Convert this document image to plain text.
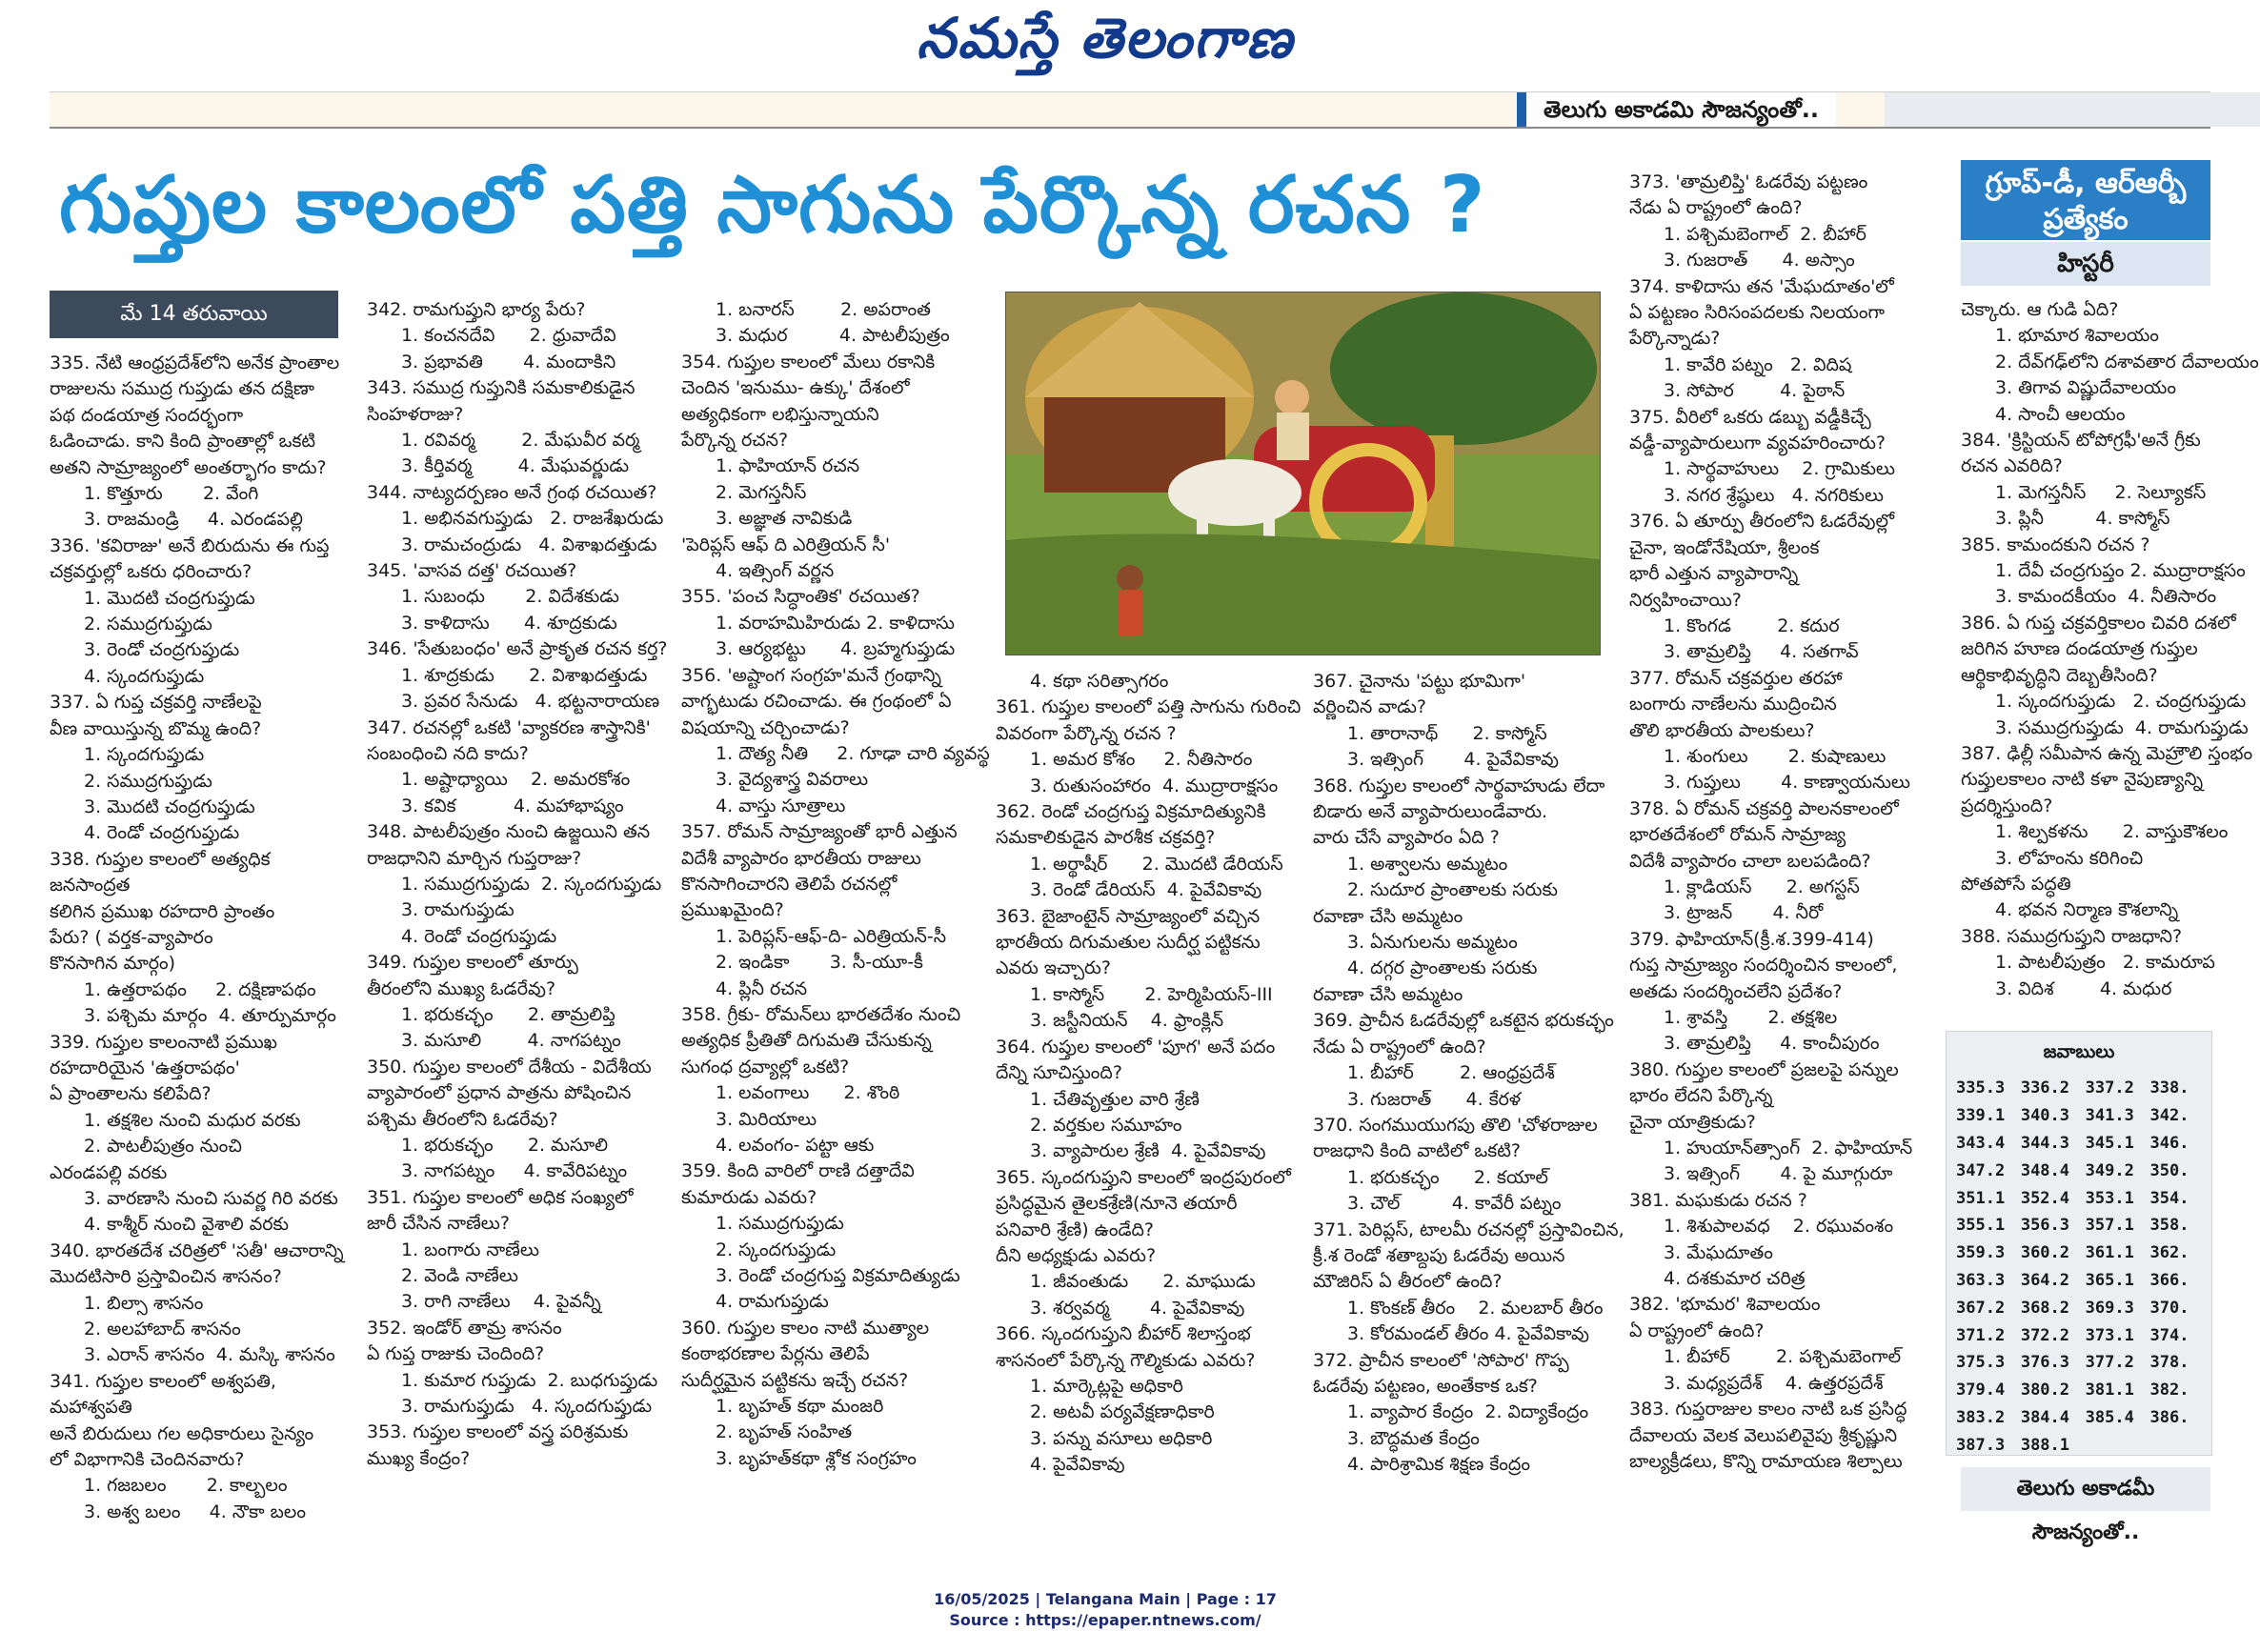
నమస్తే తెలంగాణ
తెలుగు అకాడమి సౌజన్యంతో..
గుప్తుల కాలంలో పత్తి సాగును పేర్కొన్న రచన ?
మే 14 తరువాయి
335. నేటి ఆంధ్రప్రదేశ్‌లోని అనేక ప్రాంతాల
రాజులను సముద్ర గుప్తుడు తన దక్షిణా
పథ దండయాత్ర సందర్భంగా
ఓడించాడు. కాని కింది ప్రాంతాల్లో ఒకటి
అతని సామ్రాజ్యంలో అంతర్భాగం కాదు?
1. కొత్తూరు       2. వేంగి
3. రాజమండ్రి     4. ఎరండపల్లి
336. 'కవిరాజు' అనే బిరుదును ఈ గుప్త
చక్రవర్తుల్లో ఒకరు ధరించారు?
1. మొదటి చంద్రగుప్తుడు
2. సముద్రగుప్తుడు
3. రెండో చంద్రగుప్తుడు
4. స్కందగుప్తుడు
337. ఏ గుప్త చక్రవర్తి నాణేలపై
వీణ వాయిస్తున్న బొమ్మ ఉంది?
1. స్కందగుప్తుడు
2. సముద్రగుప్తుడు
3. మొదటి చంద్రగుప్తుడు
4. రెండో చంద్రగుప్తుడు
338. గుప్తుల కాలంలో అత్యధిక జనసాంద్రత
కలిగిన ప్రముఖ రహదారి ప్రాంతం
పేరు? ( వర్తక-వ్యాపారం
కొనసాగిన మార్గం)
1. ఉత్తరాపథం     2. దక్షిణాపథం
3. పశ్చిమ మార్గం  4. తూర్పుమార్గం
339. గుప్తుల కాలంనాటి ప్రముఖ
రహదారియైన 'ఉత్తరాపథం'
ఏ ప్రాంతాలను కలిపేది?
1. తక్షశిల నుంచి మధుర వరకు
2. పాటలీపుత్రం నుంచి
ఎరండపల్లి వరకు
3. వారణాసి నుంచి సువర్ణ గిరి వరకు
4. కాశ్మీర్ నుంచి వైశాలి వరకు
340. భారతదేశ చరిత్రలో 'సతీ' ఆచారాన్ని
మొదటిసారి ప్రస్తావించిన శాసనం?
1. బిల్సా శాసనం
2. అలహాబాద్ శాసనం
3. ఎరాన్ శాసనం  4. మస్కి శాసనం
341. గుప్తుల కాలంలో అశ్వపతి, మహాశ్వపతి
అనే బిరుదులు గల అధికారులు సైన్యం
లో విభాగానికి చెందినవారు?
1. గజబలం       2. కాల్బలం
3. అశ్వ బలం     4. నౌకా బలం
342. రామగుప్తుని భార్య పేరు?
1. కంచనదేవి      2. ధ్రువాదేవి
3. ప్రభావతి       4. మందాకిని
343. సముద్ర గుప్తునికి సమకాలికుడైన
సింహళరాజు?
1. రవివర్మ        2. మేఘవీర వర్మ
3. కీర్తివర్మ        4. మేఘవర్ణుడు
344. నాట్యదర్పణం అనే గ్రంథ రచయిత?
1. అభినవగుప్తుడు   2. రాజశేఖరుడు
3. రామచంద్రుడు   4. విశాఖదత్తుడు
345. 'వాసవ దత్త' రచయిత?
1. సుబంధు       2. విదేశకుడు
3. కాళిదాసు      4. శూద్రకుడు
346. 'సేతుబంధం' అనే ప్రాకృత రచన కర్త?
1. శూద్రకుడు      2. విశాఖదత్తుడు
3. ప్రవర సేనుడు   4. భట్టనారాయణ
347. రచనల్లో ఒకటి 'వ్యాకరణ శాస్త్రానికి'
సంబంధించి నది కాదు?
1. అష్టాధ్యాయి    2. అమరకోశం
3. కవిక          4. మహాభాష్యం
348. పాటలీపుత్రం నుంచి ఉజ్జయిని తన
రాజధానిని మార్చిన గుప్తరాజు?
1. సముద్రగుప్తుడు  2. స్కందగుప్తుడు
3. రామగుప్తుడు
4. రెండో చంద్రగుప్తుడు
349. గుప్తుల కాలంలో తూర్పు
తీరంలోని ముఖ్య ఓడరేవు?
1. భరుకచ్ఛం      2. తామ్రలిప్తి
3. మసూలి        4. నాగపట్నం
350. గుప్తుల కాలంలో దేశీయ - విదేశీయ
వ్యాపారంలో ప్రధాన పాత్రను పోషించిన
పశ్చిమ తీరంలోని ఓడరేవు?
1. భరుకచ్ఛం      2. మసూలి
3. నాగపట్నం     4. కావేరిపట్నం
351. గుప్తుల కాలంలో అధిక సంఖ్యలో
జారీ చేసిన నాణేలు?
1. బంగారు నాణేలు
2. వెండి నాణేలు
3. రాగి నాణేలు    4. పైవన్నీ
352. ఇండోర్ తామ్ర శాసనం
ఏ గుప్త రాజుకు చెందింది?
1. కుమార గుప్తుడు  2. బుధగుప్తుడు
3. రామగుప్తుడు   4. స్కందగుప్తుడు
353. గుప్తుల కాలంలో వస్త్ర పరిశ్రమకు
ముఖ్య కేంద్రం?
1. బనారస్        2. అపరాంత
3. మధుర         4. పాటలీపుత్రం
354. గుప్తుల కాలంలో మేలు రకానికి
చెందిన 'ఇనుము- ఉక్కు' దేశంలో
అత్యధికంగా లభిస్తున్నాయని
పేర్కొన్న రచన?
1. ఫాహియాన్ రచన
2. మెగస్తనీస్
3. అజ్ఞాత నావికుడి
'పెరిప్లస్ ఆఫ్ ది ఎరిత్రియన్ సీ'
4. ఇత్సింగ్ వర్ణన
355. 'పంచ సిద్ధాంతిక' రచయిత?
1. వరాహమిహిరుడు 2. కాళిదాసు
3. ఆర్యభట్టు      4. బ్రహ్మగుప్తుడు
356. 'అష్టాంగ సంగ్రహ'మనే గ్రంథాన్ని
వాగ్భటుడు రచించాడు. ఈ గ్రంథంలో ఏ
విషయాన్ని చర్చించాడు?
1. దౌత్య నీతి     2. గూఢా చారి వ్యవస్థ
3. వైద్యశాస్త్ర వివరాలు
4. వాస్తు సూత్రాలు
357. రోమన్ సామ్రాజ్యంతో భారీ ఎత్తున
విదేశీ వ్యాపారం భారతీయ రాజులు
కొనసాగించారని తెలిపే రచనల్లో
ప్రముఖమైంది?
1. పెరిప్లస్-ఆఫ్-ది- ఎరిత్రియన్-సీ
2. ఇండికా       3. సీ-యూ-కీ
4. ప్లినీ రచన
358. గ్రీకు- రోమన్‌లు భారతదేశం నుంచి
అత్యధిక ప్రీతితో దిగుమతి చేసుకున్న
సుగంధ ద్రవ్యాల్లో ఒకటి?
1. లవంగాలు      2. శొంఠి
3. మిరియాలు
4. లవంగం- పట్టా ఆకు
359. కింది వారిలో రాణి దత్తాదేవి
కుమారుడు ఎవరు?
1. సముద్రగుప్తుడు
2. స్కందగుప్తుడు
3. రెండో చంద్రగుప్త విక్రమాదిత్యుడు
4. రామగుప్తుడు
360. గుప్తుల కాలం నాటి ముత్యాల
కంఠాభరణాల పేర్లను తెలిపే
సుదీర్ఘమైన పట్టికను ఇచ్చే రచన?
1. బృహత్ కథా మంజరి
2. బృహత్ సంహిత
3. బృహత్‌కథా శ్లోక సంగ్రహం
4. కథా సరిత్సాగరం
361. గుప్తుల కాలంలో పత్తి సాగును గురించి
వివరంగా పేర్కొన్న రచన ?
1. అమర కోశం     2. నీతిసారం
3. రుతుసంహారం  4. ముద్రారాక్షసం
362. రెండో చంద్రగుప్త విక్రమాదిత్యునికి
సమకాలికుడైన పారశీక చక్రవర్తి?
1. అర్థాషీర్      2. మొదటి డేరియస్
3. రెండో డేరియస్  4. పైవేవికావు
363. బైజాంటైన్ సామ్రాజ్యంలో వచ్చిన
భారతీయ దిగుమతుల సుదీర్ఘ పట్టికను
ఎవరు ఇచ్చారు?
1. కాస్మోస్       2. హెర్మిపియస్-III
3. జస్టీనియన్    4. ఫ్రాంక్లిన్
364. గుప్తుల కాలంలో 'పూగ' అనే పదం
దేన్ని సూచిస్తుంది?
1. చేతివృత్తుల వారి శ్రేణి
2. వర్తకుల సమూహం
3. వ్యాపారుల శ్రేణి  4. పైవేవికావు
365. స్కందగుప్తుని కాలంలో ఇంద్రపురంలో
ప్రసిద్ధమైన తైలకశ్రేణి(నూనె తయారీ
పనివారి శ్రేణి) ఉండేది?
దీని అధ్యక్షుడు ఎవరు?
1. జీవంతుడు      2. మాఘుడు
3. శర్వవర్మ       4. పైవేవికావు
366. స్కందగుప్తుని బీహార్ శిలాస్తంభ
శాసనంలో పేర్కొన్న గౌల్మికుడు ఎవరు?
1. మార్కెట్లపై అధికారి
2. అటవీ పర్యవేక్షణాధికారి
3. పన్ను వసూలు అధికారి
4. పైవేవికావు
367. చైనాను 'పట్టు భూమిగా'
వర్ణించిన వాడు?
1. తారానాథ్      2. కాస్మోస్
3. ఇత్సింగ్       4. పైవేవికావు
368. గుప్తుల కాలంలో సార్థవాహుడు లేదా
బిడారు అనే వ్యాపారులుండేవారు.
వారు చేసే వ్యాపారం ఏది ?
1. అశ్వాలను అమ్మటం
2. సుదూర ప్రాంతాలకు సరుకు
రవాణా చేసి అమ్మటం
3. ఏనుగులను అమ్మటం
4. దగ్గర ప్రాంతాలకు సరుకు
రవాణా చేసి అమ్మటం
369. ప్రాచీన ఓడరేవుల్లో ఒకటైన భరుకచ్ఛం
నేడు ఏ రాష్ట్రంలో ఉంది?
1. బీహార్        2. ఆంధ్రప్రదేశ్
3. గుజరాత్      4. కేరళ
370. సంగముయుగపు తొలి 'చోళరాజుల
రాజధాని కింది వాటిలో ఒకటి?
1. భరుకచ్ఛం      2. కయాల్
3. చౌల్         4. కావేరీ పట్నం
371. పెరిప్లస్, టాలమీ రచనల్లో ప్రస్తావించిన,
క్రీ.శ రెండో శతాబ్దపు ఓడరేవు అయిన
మౌజిరిస్ ఏ తీరంలో ఉంది?
1. కొంకణ్ తీరం    2. మలబార్ తీరం
3. కోరమండల్ తీరం 4. పైవేవికావు
372. ప్రాచీన కాలంలో 'సోపార' గొప్ప
ఓడరేవు పట్టణం, అంతేకాక ఒక?
1. వ్యాపార కేంద్రం  2. విద్యాకేంద్రం
3. బౌద్ధమత కేంద్రం
4. పారిశ్రామిక శిక్షణ కేంద్రం
373. 'తామ్రలిప్తి' ఓడరేవు పట్టణం
నేడు ఏ రాష్ట్రంలో ఉంది?
1. పశ్చిమబెంగాల్  2. బీహార్
3. గుజరాత్      4. అస్సాం
374. కాళిదాసు తన 'మేఘదూతం'లో
ఏ పట్టణం సిరిసంపదలకు నిలయంగా
పేర్కొన్నాడు?
1. కావేరి పట్నం   2. విదిష
3. సోపార        4. పైఠాన్
375. వీరిలో ఒకరు డబ్బు వడ్డీకిచ్చే
వడ్డీ-వ్యాపారులుగా వ్యవహరించారు?
1. సార్థవాహులు    2. గ్రామికులు
3. నగర శ్రేష్ఠులు   4. నగరికులు
376. ఏ తూర్పు తీరంలోని ఓడరేవుల్లో
చైనా, ఇండోనేషియా, శ్రీలంక
భారీ ఎత్తున వ్యాపారాన్ని
నిర్వహించాయి?
1. కొంగడ        2. కదుర
3. తామ్రలిప్తి     4. సతగావ్
377. రోమన్ చక్రవర్తుల తరహా
బంగారు నాణేలను ముద్రించిన
తొలి భారతీయ పాలకులు?
1. శుంగులు       2. కుషాణులు
3. గుప్తులు       4. కాణ్వాయనులు
378. ఏ రోమన్ చక్రవర్తి పాలనకాలంలో
భారతదేశంలో రోమన్ సామ్రాజ్య
విదేశీ వ్యాపారం చాలా బలపడింది?
1. క్లాడియస్      2. అగస్టస్
3. ట్రాజన్       4. నీరో
379. ఫాహియాన్(క్రీ.శ.399-414)
గుప్త సామ్రాజ్యం సందర్శించిన కాలంలో,
అతడు సందర్శించలేని ప్రదేశం?
1. శ్రావస్తి       2. తక్షశిల
3. తామ్రలిప్తి     4. కాంచీపురం
380. గుప్తుల కాలంలో ప్రజలపై పన్నుల
భారం లేదని పేర్కొన్న
చైనా యాత్రికుడు?
1. హుయాన్‌త్సాంగ్  2. ఫాహియాన్
3. ఇత్సింగ్       4. పై మూగ్గురూ
381. మఘకుడు రచన ?
1. శిశుపాలవధ    2. రఘువంశం
3. మేఘదూతం
4. దశకుమార చరిత్ర
382. 'భూమర' శివాలయం
ఏ రాష్ట్రంలో ఉంది?
1. బీహార్        2. పశ్చిమబెంగాల్
3. మధ్యప్రదేశ్    4. ఉత్తరప్రదేశ్
383. గుప్తరాజుల కాలం నాటి ఒక ప్రసిద్ధ
దేవాలయ వెలక వెలుపలివైపు శ్రీకృష్ణుని
బాల్యక్రీడలు, కొన్ని రామాయణ శిల్పాలు
చెక్కారు. ఆ గుడి ఏది?
1. భూమార శివాలయం
2. దేవ్‌గఢ్‌లోని దశావతార దేవాలయం
3. తిగావ విష్ణుదేవాలయం
4. సాంచీ ఆలయం
384. 'క్రిస్టియన్ టోపోగ్రఫీ'అనే గ్రీకు
రచన ఎవరిది?
1. మెగస్తనీస్     2. సెల్యూకస్
3. ప్లినీ         4. కాస్మోస్
385. కామందకుని రచన ?
1. దేవీ చంద్రగుప్తం 2. ముద్రారాక్షసం
3. కామందకీయం  4. నీతిసారం
386. ఏ గుప్త చక్రవర్తికాలం చివరి దశలో
జరిగిన హూణ దండయాత్ర గుప్తుల
ఆర్థికాభివృద్ధిని దెబ్బతీసింది?
1. స్కందగుప్తుడు   2. చంద్రగుప్తుడు
3. సముద్రగుప్తుడు  4. రామగుప్తుడు
387. ఢిల్లీ సమీపాన ఉన్న మెహ్రౌలి స్తంభం
గుప్తులకాలం నాటి కళా నైపుణ్యాన్ని
ప్రదర్శిస్తుంది?
1. శిల్పకళను      2. వాస్తుకౌశలం
3. లోహంను కరిగించి
పోతపోసే పద్ధతి
4. భవన నిర్మాణ కౌశలాన్ని
388. సముద్రగుప్తుని రాజధాని?
1. పాటలీపుత్రం   2. కామరూప
3. విదిశ        4. మధుర
గ్రూప్-డీ, ఆర్ఆర్బీ
ప్రత్యేకం
హిస్టరీ
జవాబులు
335.3	336.2	337.2	338.
339.1	340.3	341.3	342.
343.4	344.3	345.1	346.
347.2	348.4	349.2	350.
351.1	352.4	353.1	354.
355.1	356.3	357.1	358.
359.3	360.2	361.1	362.
363.3	364.2	365.1	366.
367.2	368.2	369.3	370.
371.2	372.2	373.1	374.
375.3	376.3	377.2	378.
379.4	380.2	381.1	382.
383.2	384.4	385.4	386.
387.3	388.1		
తెలుగు అకాడమీ సౌజన్యంతో..
16/05/2025 | Telangana Main | Page : 17
Source : https://epaper.ntnews.com/
